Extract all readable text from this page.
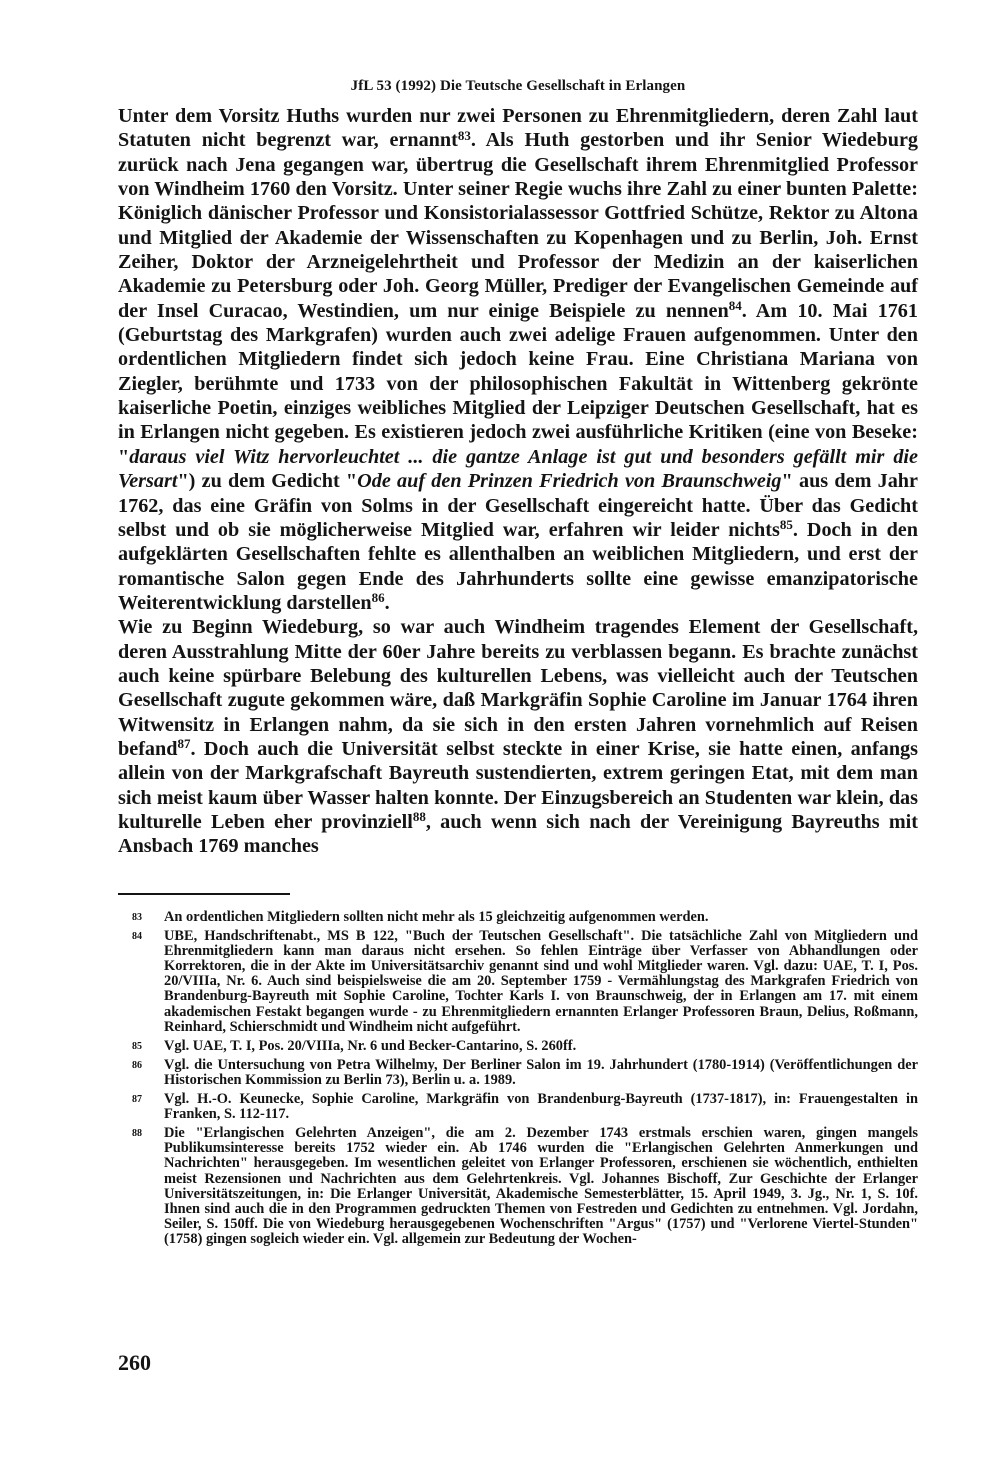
JfL 53 (1992) Die Teutsche Gesellschaft in Erlangen

Unter dem Vorsitz Huths wurden nur zwei Personen zu Ehrenmitgliedern, deren Zahl laut Statuten nicht begrenzt war, ernannt$^{83}$. Als Huth gestorben und ihr Senior Wiedeburg zurück nach Jena gegangen war, übertrug die Gesellschaft ihrem Ehrenmitglied Professor von Windheim 1760 den Vorsitz. Unter seiner Regie wuchs ihre Zahl zu einer bunten Palette: Königlich dänischer Professor und Konsistorialassessor Gottfried Schütze, Rektor zu Altona und Mitglied der Akademie der Wissenschaften zu Kopenhagen und zu Berlin, Joh. Ernst Zeiher, Doktor der Arzneigelehrtheit und Professor der Medizin an der kaiserlichen Akademie zu Petersburg oder Joh. Georg Müller, Prediger der Evangelischen Gemeinde auf der Insel Curacao, Westindien, um nur einige Beispiele zu nennen$^{84}$. Am 10. Mai 1761 (Geburtstag des Markgrafen) wurden auch zwei adelige Frauen aufgenommen. Unter den ordentlichen Mitgliedern findet sich jedoch keine Frau. Eine Christiana Mariana von Ziegler, berühmte und 1733 von der philosophischen Fakultät in Wittenberg gekrönte kaiserliche Poetin, einziges weibliches Mitglied der Leipziger Deutschen Gesellschaft, hat es in Erlangen nicht gegeben. Es existieren jedoch zwei ausführliche Kritiken (eine von Beseke: "daraus viel Witz hervorleuchtet ... die gantze Anlage ist gut und besonders gefällt mir die Versart") zu dem Gedicht "Ode auf den Prinzen Friedrich von Braunschweig" aus dem Jahr 1762, das eine Gräfin von Solms in der Gesellschaft eingereicht hatte. Über das Gedicht selbst und ob sie möglicherweise Mitglied war, erfahren wir leider nichts$^{85}$. Doch in den aufgeklärten Gesellschaften fehlte es allenthalben an weiblichen Mitgliedern, und erst der romantische Salon gegen Ende des Jahrhunderts sollte eine gewisse emanzipatorische Weiterentwicklung darstellen$^{86}$.

Wie zu Beginn Wiedeburg, so war auch Windheim tragendes Element der Gesellschaft, deren Ausstrahlung Mitte der 60er Jahre bereits zu verblassen begann. Es brachte zunächst auch keine spürbare Belebung des kulturellen Lebens, was vielleicht auch der Teutschen Gesellschaft zugute gekommen wäre, daß Markgräfin Sophie Caroline im Januar 1764 ihren Witwensitz in Erlangen nahm, da sie sich in den ersten Jahren vornehmlich auf Reisen befand$^{87}$. Doch auch die Universität selbst steckte in einer Krise, sie hatte einen, anfangs allein von der Markgrafschaft Bayreuth sustendierten, extrem geringen Etat, mit dem man sich meist kaum über Wasser halten konnte. Der Einzugsbereich an Studenten war klein, das kulturelle Leben eher provinziell$^{88}$, auch wenn sich nach der Vereinigung Bayreuths mit Ansbach 1769 manches

83	An ordentlichen Mitgliedern sollten nicht mehr als 15 gleichzeitig aufgenommen werden.
84	UBE, Handschriftenabt., MS B 122, "Buch der Teutschen Gesellschaft". Die tatsächliche Zahl von Mitgliedern und Ehrenmitgliedern kann man daraus nicht ersehen. So fehlen Einträge über Verfasser von Abhandlungen oder Korrektoren, die in der Akte im Universitätsarchiv genannt sind und wohl Mitglieder waren. Vgl. dazu: UAE, T. I, Pos. 20/VIIIa, Nr. 6. Auch sind beispielsweise die am 20. September 1759 - Vermählungstag des Markgrafen Friedrich von Brandenburg-Bayreuth mit Sophie Caroline, Tochter Karls I. von Braunschweig, der in Erlangen am 17. mit einem akademischen Festakt begangen wurde - zu Ehrenmitgliedern ernannten Erlanger Professoren Braun, Delius, Roßmann, Reinhard, Schierschmidt und Windheim nicht aufgeführt.
85	Vgl. UAE, T. I, Pos. 20/VIIIa, Nr. 6 und Becker-Cantarino, S. 260ff.
86	Vgl. die Untersuchung von Petra Wilhelmy, Der Berliner Salon im 19. Jahrhundert (1780-1914) (Veröffentlichungen der Historischen Kommission zu Berlin 73), Berlin u. a. 1989.
87	Vgl. H.-O. Keunecke, Sophie Caroline, Markgräfin von Brandenburg-Bayreuth (1737-1817), in: Frauengestalten in Franken, S. 112-117.
88	Die "Erlangischen Gelehrten Anzeigen", die am 2. Dezember 1743 erstmals erschien waren, gingen mangels Publikumsinteresse bereits 1752 wieder ein. Ab 1746 wurden die "Erlangischen Gelehrten Anmerkungen und Nachrichten" herausgegeben. Im wesentlichen geleitet von Erlanger Professoren, erschienen sie wöchentlich, enthielten meist Rezensionen und Nachrichten aus dem Gelehrtenkreis. Vgl. Johannes Bischoff, Zur Geschichte der Erlanger Universitätszeitungen, in: Die Erlanger Universität, Akademische Semesterblätter, 15. April 1949, 3. Jg., Nr. 1, S. 10f. Ihnen sind auch die in den Programmen gedruckten Themen von Festreden und Gedichten zu entnehmen. Vgl. Jordahn, Seiler, S. 150ff. Die von Wiedeburg herausgegebenen Wochenschriften "Argus" (1757) und "Verlorene Viertel-Stunden" (1758) gingen sogleich wieder ein. Vgl. allgemein zur Bedeutung der Wochen-
260
